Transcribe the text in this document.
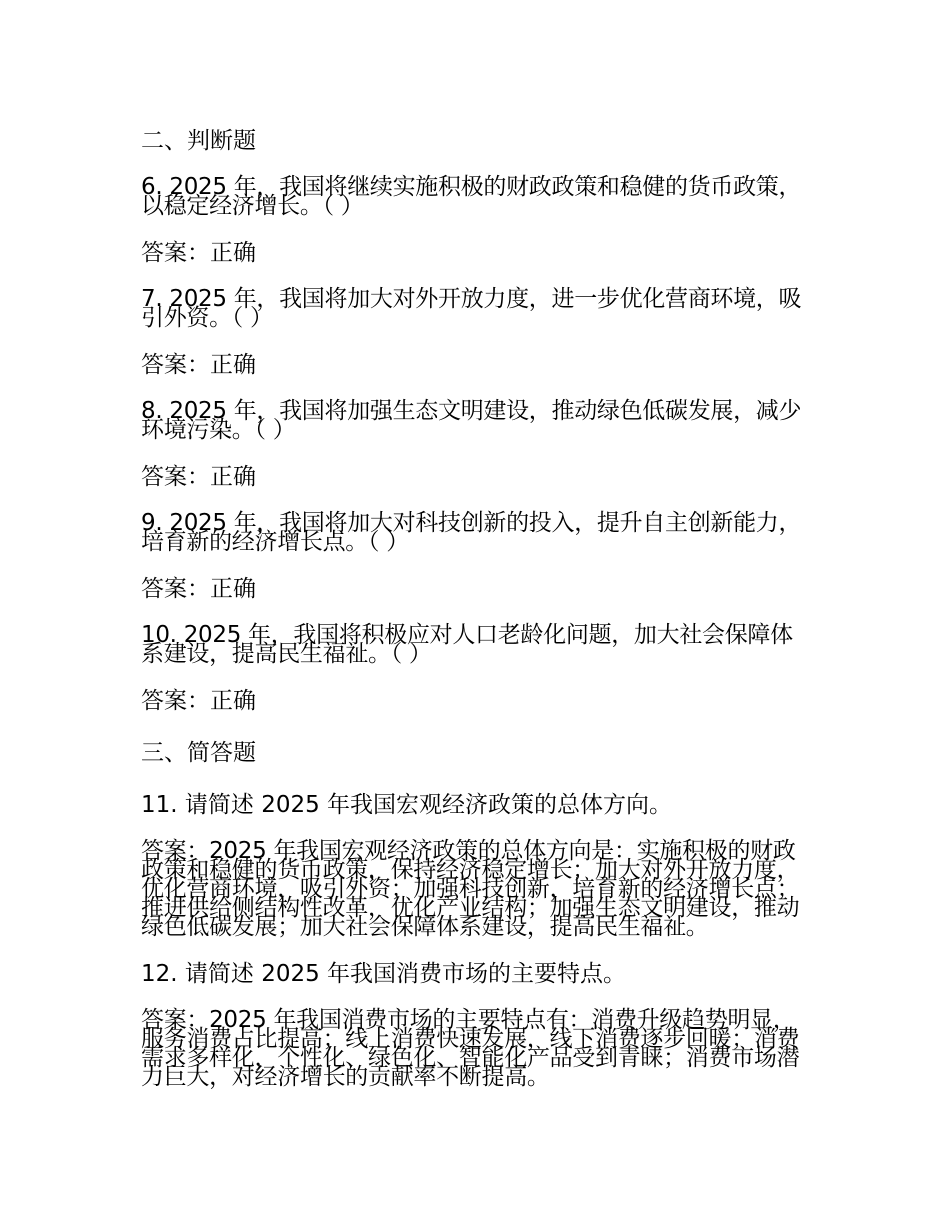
二、判断题

6. 2025 年，我国将继续实施积极的财政政策和稳健的货币政策，以稳定经济增长。（ ）

答案：正确

7. 2025 年，我国将加大对外开放力度，进一步优化营商环境，吸引外资。（ ）

答案：正确

8. 2025 年，我国将加强生态文明建设，推动绿色低碳发展，减少环境污染。（ ）

答案：正确

9. 2025 年，我国将加大对科技创新的投入，提升自主创新能力，培育新的经济增长点。（ ）

答案：正确

10. 2025 年，我国将积极应对人口老龄化问题，加大社会保障体系建设，提高民生福祉。（ ）

答案：正确

三、简答题

11. 请简述 2025 年我国宏观经济政策的总体方向。

答案：2025 年我国宏观经济政策的总体方向是：实施积极的财政政策和稳健的货币政策，保持经济稳定增长；加大对外开放力度，优化营商环境，吸引外资；加强科技创新，培育新的经济增长点；推进供给侧结构性改革，优化产业结构；加强生态文明建设，推动绿色低碳发展；加大社会保障体系建设，提高民生福祉。

12. 请简述 2025 年我国消费市场的主要特点。

答案：2025 年我国消费市场的主要特点有：消费升级趋势明显，服务消费占比提高；线上消费快速发展，线下消费逐步回暖；消费需求多样化，个性化、绿色化、智能化产品受到青睐；消费市场潜力巨大，对经济增长的贡献率不断提高。
